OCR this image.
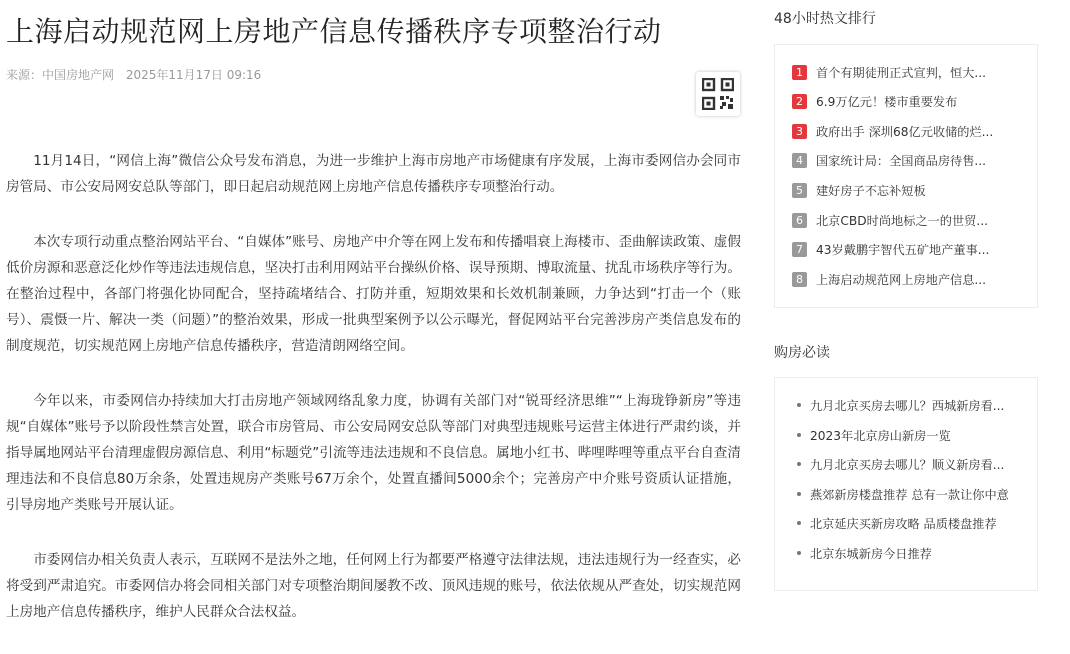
上海启动规范网上房地产信息传播秩序专项整治行动
来源：中国房地产网 2025年11月17日 09:16

11月14日，“网信上海”微信公众号发布消息，为进一步维护上海市房地产市场健康有序发展，上海市委网信办会同市房管局、市公安局网安总队等部门，即日起启动规范网上房地产信息传播秩序专项整治行动。

本次专项行动重点整治网站平台、“自媒体”账号、房地产中介等在网上发布和传播唱衰上海楼市、歪曲解读政策、虚假低价房源和恶意泛化炒作等违法违规信息，坚决打击利用网站平台操纵价格、误导预期、博取流量、扰乱市场秩序等行为。在整治过程中，各部门将强化协同配合，坚持疏堵结合、打防并重，短期效果和长效机制兼顾，力争达到“打击一个（账号）、震慑一片、解决一类（问题）”的整治效果，形成一批典型案例予以公示曝光，督促网站平台完善涉房产类信息发布的制度规范，切实规范网上房地产信息传播秩序，营造清朗网络空间。

今年以来，市委网信办持续加大打击房地产领域网络乱象力度，协调有关部门对“锐哥经济思维”“上海珑铮新房”等违规“自媒体”账号予以阶段性禁言处置，联合市房管局、市公安局网安总队等部门对典型违规账号运营主体进行严肃约谈，并指导属地网站平台清理虚假房源信息、利用“标题党”引流等违法违规和不良信息。属地小红书、哔哩哔哩等重点平台自查清理违法和不良信息80万余条，处置违规房产类账号67万余个，处置直播间5000余个；完善房产中介账号资质认证措施，引导房地产类账号开展认证。

市委网信办相关负责人表示，互联网不是法外之地，任何网上行为都要严格遵守法律法规，违法违规行为一经查实，必将受到严肃追究。市委网信办将会同相关部门对专项整治期间屡教不改、顶风违规的账号，依法依规从严查处，切实规范网上房地产信息传播秩序，维护人民群众合法权益。

48小时热文排行
1	首个有期徒刑正式宣判，恒大...
2	6.9万亿元！楼市重要发布
3	政府出手 深圳68亿元收储的烂...
4	国家统计局：全国商品房待售...
5	建好房子不忘补短板
6	北京CBD时尚地标之一的世贸...
7	43岁戴鹏宇智代五矿地产董事...
8	上海启动规范网上房地产信息...
购房必读
九月北京买房去哪儿？西城新房看...
2023年北京房山新房一览
九月北京买房去哪儿？顺义新房看...
燕郊新房楼盘推荐 总有一款让你中意
北京延庆买新房攻略 品质楼盘推荐
北京东城新房今日推荐
